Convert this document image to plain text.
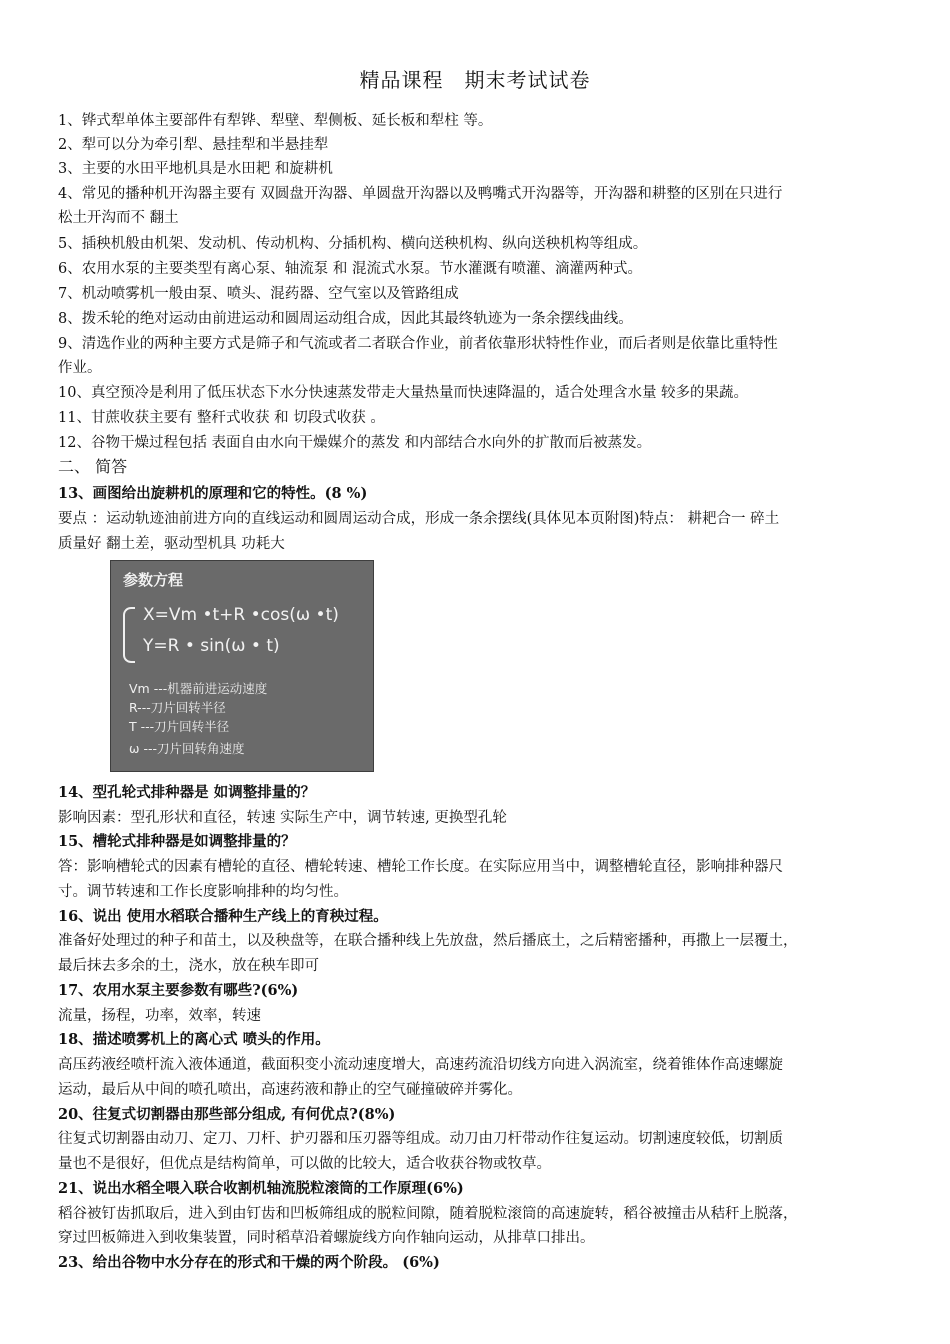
精品课程　期末考试试卷
1、铧式犁单体主要部件有犁铧、犁壁、犁侧板、延长板和犁柱 等。
2、犁可以分为牵引犁、悬挂犁和半悬挂犁
3、主要的水田平地机具是水田耙 和旋耕机
4、常见的播种机开沟器主要有 双圆盘开沟器、单圆盘开沟器以及鸭嘴式开沟器等，开沟器和耕整的区别在只进行
松土开沟而不 翻土
5、插秧机般由机架、发动机、传动机构、分插机构、横向送秧机构、纵向送秧机构等组成。
6、农用水泵的主要类型有离心泵、轴流泵 和 混流式水泵。节水灌溉有喷灌、滴灌两种式。
7、机动喷雾机一般由泵、喷头、混药器、空气室以及管路组成
8、拨禾轮的绝对运动由前进运动和圆周运动组合成，因此其最终轨迹为一条余摆线曲线。
9、清选作业的两种主要方式是筛子和气流或者二者联合作业，前者依靠形状特性作业，而后者则是依靠比重特性
作业。
10、真空预冷是利用了低压状态下水分快速蒸发带走大量热量而快速降温的，适合处理含水量 较多的果蔬。
11、甘蔗收获主要有 整秆式收获 和 切段式收获 。
12、谷物干燥过程包括 表面自由水向干燥媒介的蒸发 和内部结合水向外的扩散而后被蒸发。
二、 简答
13、画图给出旋耕机的原理和它的特性。(8 %)
要点 ：运动轨迹油前进方向的直线运动和圆周运动合成，形成一条余摆线(具体见本页附图)特点： 耕耙合一 碎土
质量好 翻土差，驱动型机具 功耗大
参数方程
X=Vm •t+R •cos(ω •t)
Y=R • sin(ω • t)
Vm ---机器前进运动速度
R---刀片回转半径
T ---刀片回转半径
ω ---刀片回转角速度
14、型孔轮式排种器是 如调整排量的？
影响因素：型孔形状和直径，转速 实际生产中，调节转速, 更换型孔轮
15、槽轮式排种器是如调整排量的？
答：影响槽轮式的因素有槽轮的直径、槽轮转速、槽轮工作长度。在实际应用当中，调整槽轮直径，影响排种器尺
寸。调节转速和工作长度影响排种的均匀性。
16、说出 使用水稻联合播种生产线上的育秧过程。
准备好处理过的种子和苗土，以及秧盘等，在联合播种线上先放盘，然后播底土，之后精密播种，再撒上一层覆土，
最后抹去多余的土，浇水，放在秧车即可
17、农用水泵主要参数有哪些?(6%)
流量，扬程，功率，效率，转速
18、描述喷雾机上的离心式 喷头的作用。
高压药液经喷杆流入液体通道，截面积变小流动速度增大，高速药流沿切线方向进入涡流室，绕着锥体作高速螺旋
运动，最后从中间的喷孔喷出，高速药液和静止的空气碰撞破碎并雾化。
20、往复式切割器由那些部分组成, 有何优点?(8%)
往复式切割器由动刀、定刀、刀杆、护刃器和压刃器等组成。动刀由刀杆带动作往复运动。切割速度较低，切割质
量也不是很好，但优点是结构简单，可以做的比较大，适合收获谷物或牧草。
21、说出水稻全喂入联合收割机轴流脱粒滚筒的工作原理(6%)
稻谷被钉齿抓取后，进入到由钉齿和凹板筛组成的脱粒间隙，随着脱粒滚筒的高速旋转，稻谷被撞击从秸秆上脱落，
穿过凹板筛进入到收集装置，同时稻草沿着螺旋线方向作轴向运动，从排草口排出。
23、给出谷物中水分存在的形式和干燥的两个阶段。 (6%)
